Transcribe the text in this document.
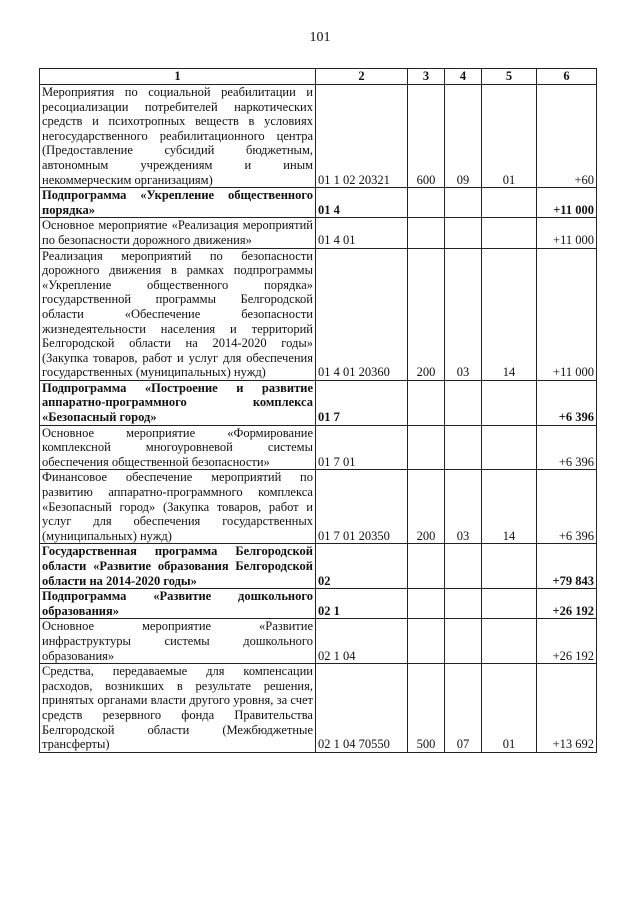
101
1	2	3	4	5	6
Мероприятия по социальной реабилитации и ресоциализации потребителей наркотических средств и психотропных веществ в условиях негосударственного реабилитационного центра (Предоставление субсидий бюджетным, автономным учреждениям и иным некоммерческим организациям)	01 1 02 20321	600	09	01	+60
Подпрограмма «Укрепление общественного порядка»	01 4				+11 000
Основное мероприятие «Реализация мероприятий по безопасности дорожного движения»	01 4 01				+11 000
Реализация мероприятий по безопасности дорожного движения в рамках подпрограммы «Укрепление общественного порядка» государственной программы Белгородской области «Обеспечение безопасности жизнедеятельности населения и территорий Белгородской области на 2014-2020 годы» (Закупка товаров, работ и услуг для обеспечения государственных (муниципальных) нужд)	01 4 01 20360	200	03	14	+11 000
Подпрограмма «Построение и развитие аппаратно-программного комплекса «Безопасный город»	01 7				+6 396
Основное мероприятие «Формирование комплексной многоуровневой системы обеспечения общественной безопасности»	01 7 01				+6 396
Финансовое обеспечение мероприятий по развитию аппаратно-программного комплекса «Безопасный город» (Закупка товаров, работ и услуг для обеспечения государственных (муниципальных) нужд)	01 7 01 20350	200	03	14	+6 396
Государственная программа Белгородской области «Развитие образования Белгородской области на 2014-2020 годы»	02				+79 843
Подпрограмма «Развитие дошкольного образования»	02 1				+26 192
Основное мероприятие «Развитие инфраструктуры системы дошкольного образования»	02 1 04				+26 192
Средства, передаваемые для компенсации расходов, возникших в результате решения, принятых органами власти другого уровня, за счет средств резервного фонда Правительства Белгородской области (Межбюджетные трансферты)	02 1 04 70550	500	07	01	+13 692
